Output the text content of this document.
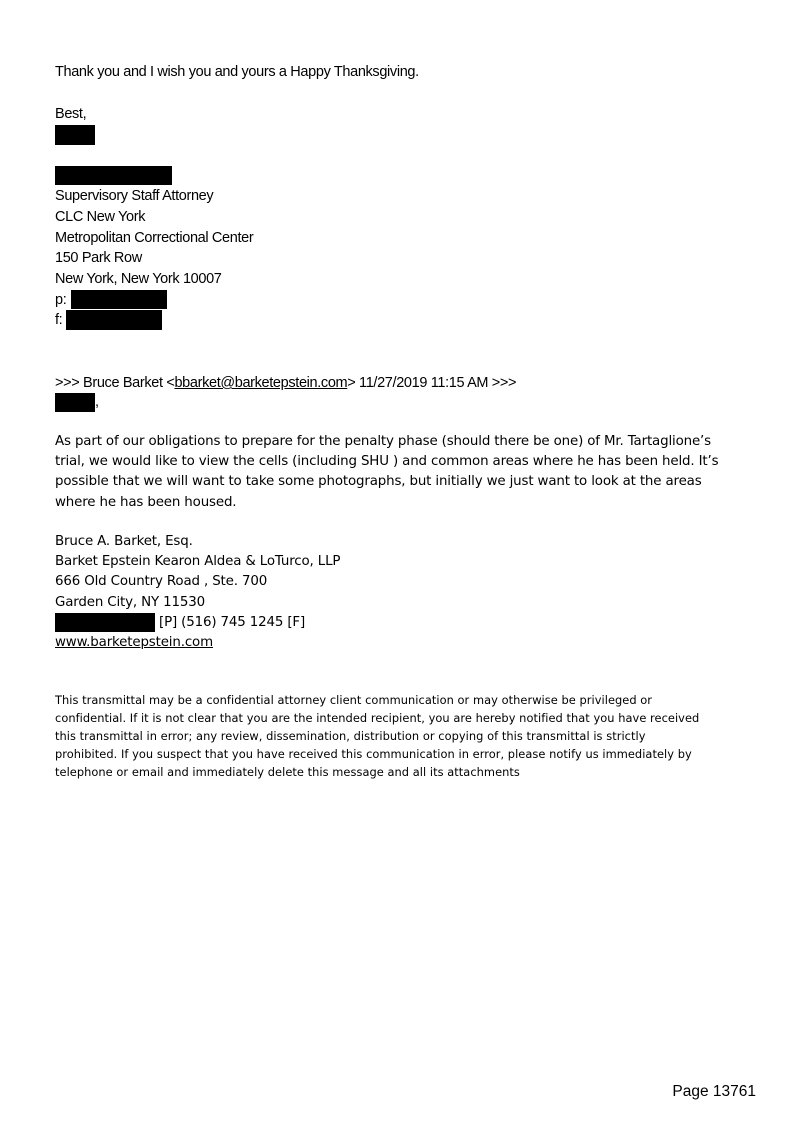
Thank you and I wish you and yours a Happy Thanksgiving.
Best,
Supervisory Staff Attorney
CLC New York
Metropolitan Correctional Center
150 Park Row
New York, New York 10007
p:
f:
>>> Bruce Barket <bbarket@barketepstein.com> 11/27/2019 11:15 AM >>>
,
As part of our obligations to prepare for the penalty phase (should there be one) of Mr. Tartaglione’s
trial, we would like to view the cells (including SHU ) and common areas where he has been held. It’s
possible that we will want to take some photographs, but initially we just want to look at the areas
where he has been housed.
Bruce A. Barket, Esq.
Barket Epstein Kearon Aldea & LoTurco, LLP
666 Old Country Road , Ste. 700
Garden City, NY 11530
[P] (516) 745 1245 [F]
www.barketepstein.com
This transmittal may be a confidential attorney client communication or may otherwise be privileged or
confidential. If it is not clear that you are the intended recipient, you are hereby notified that you have received
this transmittal in error; any review, dissemination, distribution or copying of this transmittal is strictly
prohibited. If you suspect that you have received this communication in error, please notify us immediately by
telephone or email and immediately delete this message and all its attachments
Page 13761
